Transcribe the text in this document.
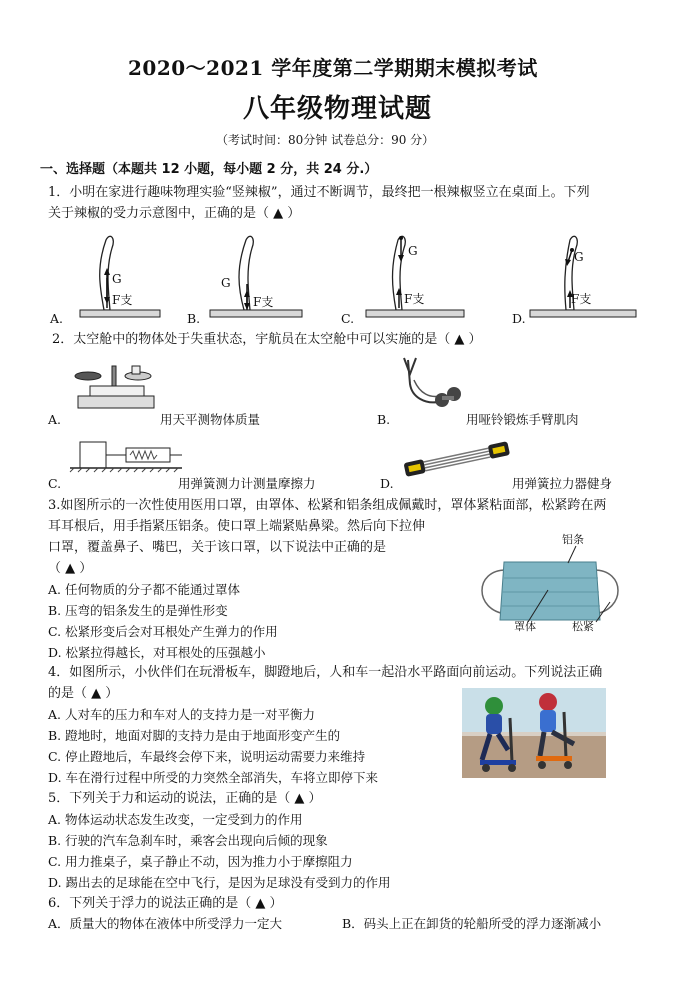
2020～2021 学年度第二学期期末模拟考试
八年级物理试题
（考试时间：80分钟 试卷总分：90 分）
一、选择题（本题共 12 小题，每小题 2 分，共 24 分.）
1．小明在家进行趣味物理实验“竖辣椒”，通过不断调节，最终把一根辣椒竖立在桌面上。下列
关于辣椒的受力示意图中，正确的是（ ▲ ）
G
F支
A.
G
F支
B.
G
F支
C.
G
F支
D.
2．太空舱中的物体处于失重状态，宇航员在太空舱中可以实施的是（ ▲ ）
A.	用天平测物体质量	B.	用哑铃锻炼手臂肌肉
C.	用弹簧测力计测量摩擦力	D.	用弹簧拉力器健身
3.如图所示的一次性使用医用口罩，由罩体、松紧和铝条组成佩戴时，罩体紧粘面部，松紧跨在两
耳耳根后，用手指紧压铝条。使口罩上端紧贴鼻梁。然后向下拉伸
口罩，覆盖鼻子、嘴巴，关于该口罩，以下说法中正确的是
（ ▲ ）
A. 任何物质的分子都不能通过罩体
B. 压弯的铝条发生的是弹性形变
C. 松紧形变后会对耳根处产生弹力的作用
D. 松紧拉得越长，对耳根处的压强越小
铝条
罩体	松紧
4．如图所示，小伙伴们在玩滑板车，脚蹬地后，人和车一起沿水平路面向前运动。下列说法正确
的是（ ▲ ）
A. 人对车的压力和车对人的支持力是一对平衡力
B. 蹬地时，地面对脚的支持力是由于地面形变产生的
C. 停止蹬地后，车最终会停下来，说明运动需要力来维持
D. 车在滑行过程中所受的力突然全部消失，车将立即停下来
5．下列关于力和运动的说法，正确的是（ ▲ ）
A. 物体运动状态发生改变，一定受到力的作用
B. 行驶的汽车急刹车时，乘客会出现向后倾的现象
C. 用力推桌子，桌子静止不动，因为推力小于摩擦阻力
D. 踢出去的足球能在空中飞行，是因为足球没有受到力的作用
6．下列关于浮力的说法正确的是（ ▲ ）
A．质量大的物体在液体中所受浮力一定大	B．码头上正在卸货的轮船所受的浮力逐渐减小
